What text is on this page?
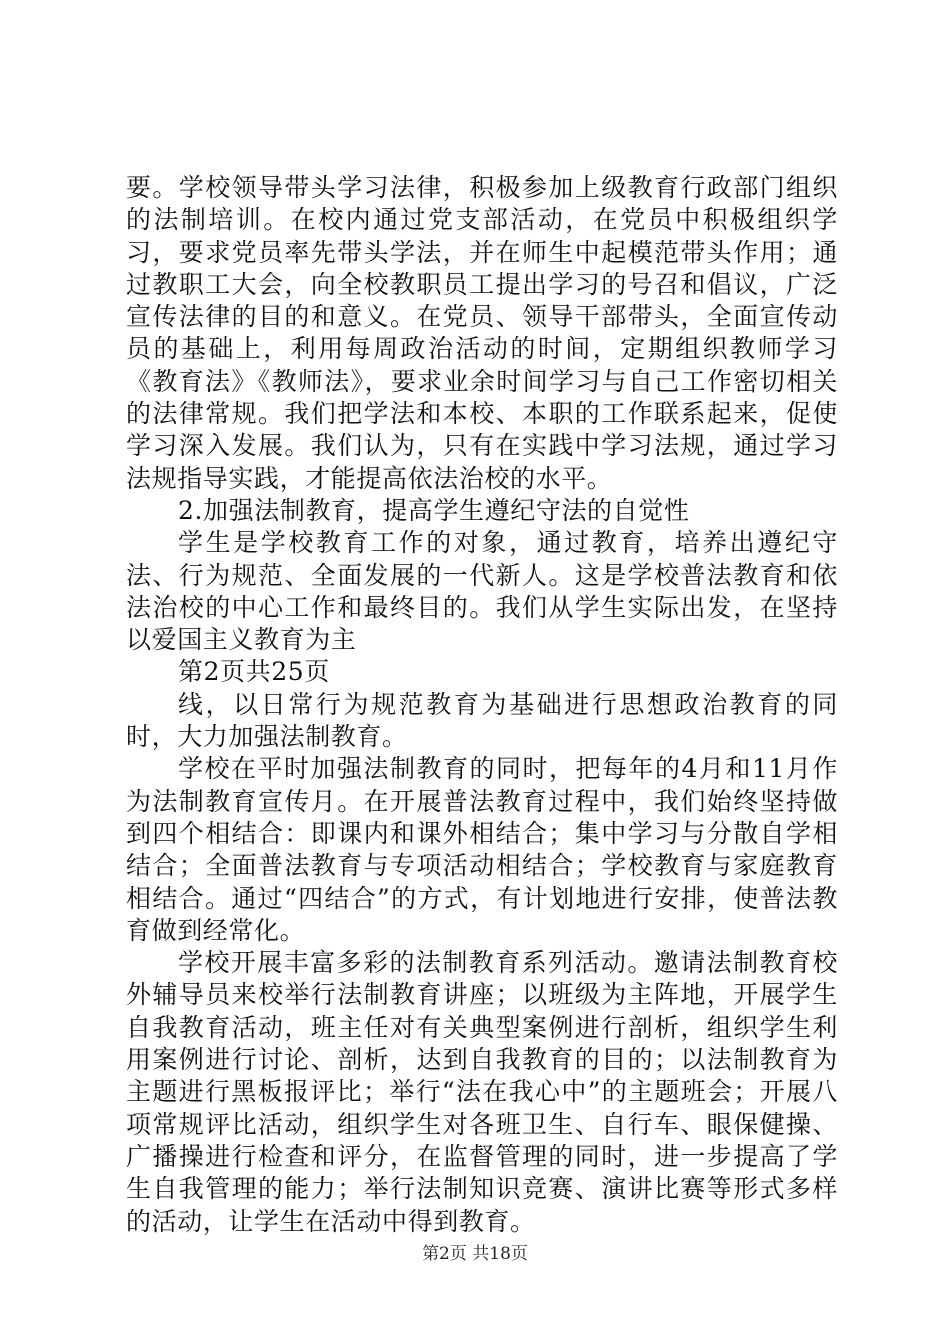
要。学校领导带头学习法律，积极参加上级教育行政部门组织的法制培训。在校内通过党支部活动，在党员中积极组织学习，要求党员率先带头学法，并在师生中起模范带头作用；通过教职工大会，向全校教职员工提出学习的号召和倡议，广泛宣传法律的目的和意义。在党员、领导干部带头，全面宣传动员的基础上，利用每周政治活动的时间，定期组织教师学习《教育法》《教师法》，要求业余时间学习与自己工作密切相关的法律常规。我们把学法和本校、本职的工作联系起来，促使学习深入发展。我们认为，只有在实践中学习法规，通过学习法规指导实践，才能提高依法治校的水平。

2.加强法制教育，提高学生遵纪守法的自觉性

学生是学校教育工作的对象，通过教育，培养出遵纪守法、行为规范、全面发展的一代新人。这是学校普法教育和依法治校的中心工作和最终目的。我们从学生实际出发，在坚持以爱国主义教育为主

第2页共25页

线，以日常行为规范教育为基础进行思想政治教育的同时，大力加强法制教育。

学校在平时加强法制教育的同时，把每年的4月和11月作为法制教育宣传月。在开展普法教育过程中，我们始终坚持做到四个相结合：即课内和课外相结合；集中学习与分散自学相结合；全面普法教育与专项活动相结合；学校教育与家庭教育相结合。通过“四结合”的方式，有计划地进行安排，使普法教育做到经常化。

学校开展丰富多彩的法制教育系列活动。邀请法制教育校外辅导员来校举行法制教育讲座；以班级为主阵地，开展学生自我教育活动，班主任对有关典型案例进行剖析，组织学生利用案例进行讨论、剖析，达到自我教育的目的；以法制教育为主题进行黑板报评比；举行“法在我心中”的主题班会；开展八项常规评比活动，组织学生对各班卫生、自行车、眼保健操、广播操进行检查和评分，在监督管理的同时，进一步提高了学生自我管理的能力；举行法制知识竞赛、演讲比赛等形式多样的活动，让学生在活动中得到教育。

第2页 共18页
